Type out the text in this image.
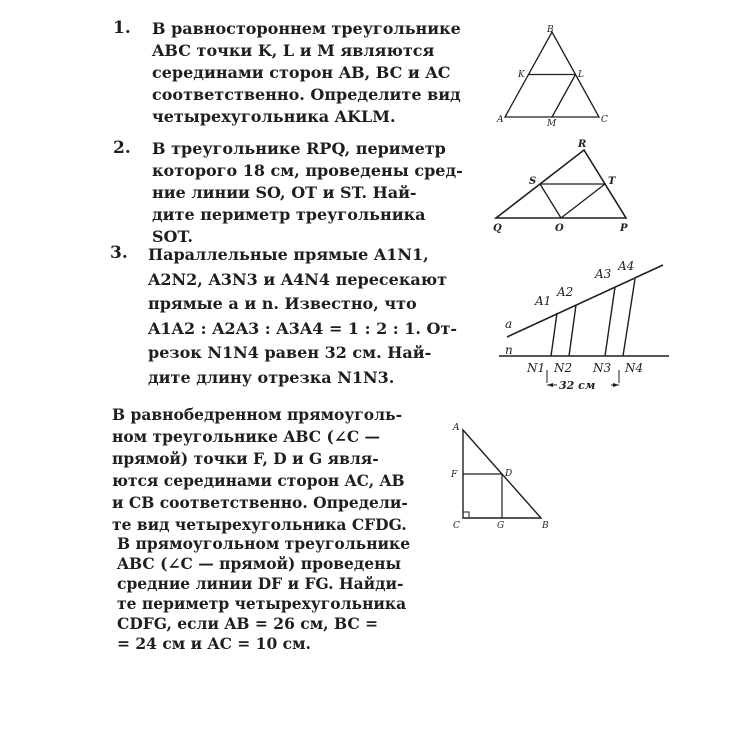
1. В равностороннем треугольнике
ABC точки K, L и M являются
серединами сторон AB, BC и AC
соответственно. Определите вид
четырехугольника AKLM.
B
A	C
K	L
M
2. В треугольнике RPQ, периметр
которого 18 см, проведены сред-
ние линии SO, OT и ST. Най-
дите периметр треугольника
SOT.
R
Q	P
S	T
O
3. Параллельные прямые A1N1,
A2N2, A3N3 и A4N4 пересекают
прямые a и n. Известно, что
A1A2 : A2A3 : A3A4 = 1 : 2 : 1. От-
резок N1N4 равен 32 см. Най-
дите длину отрезка N1N3.	32 см
A1
A2
A3
A4
a
n
N1 N2 N3 N4
В равнобедренном прямоуголь-
ном треугольнике ABC (∠C —
прямой) точки F, D и G явля-
ются серединами сторон AC, AB
и CB соответственно. Определи-
те вид четырехугольника CFDG.
A
F
C
D
G	B
В прямоугольном треугольнике
ABC (∠C — прямой) проведены
средние линии DF и FG. Найди-
те периметр четырехугольника
CDFG, если AB = 26 см, BC =
= 24 см и AC = 10 см.
